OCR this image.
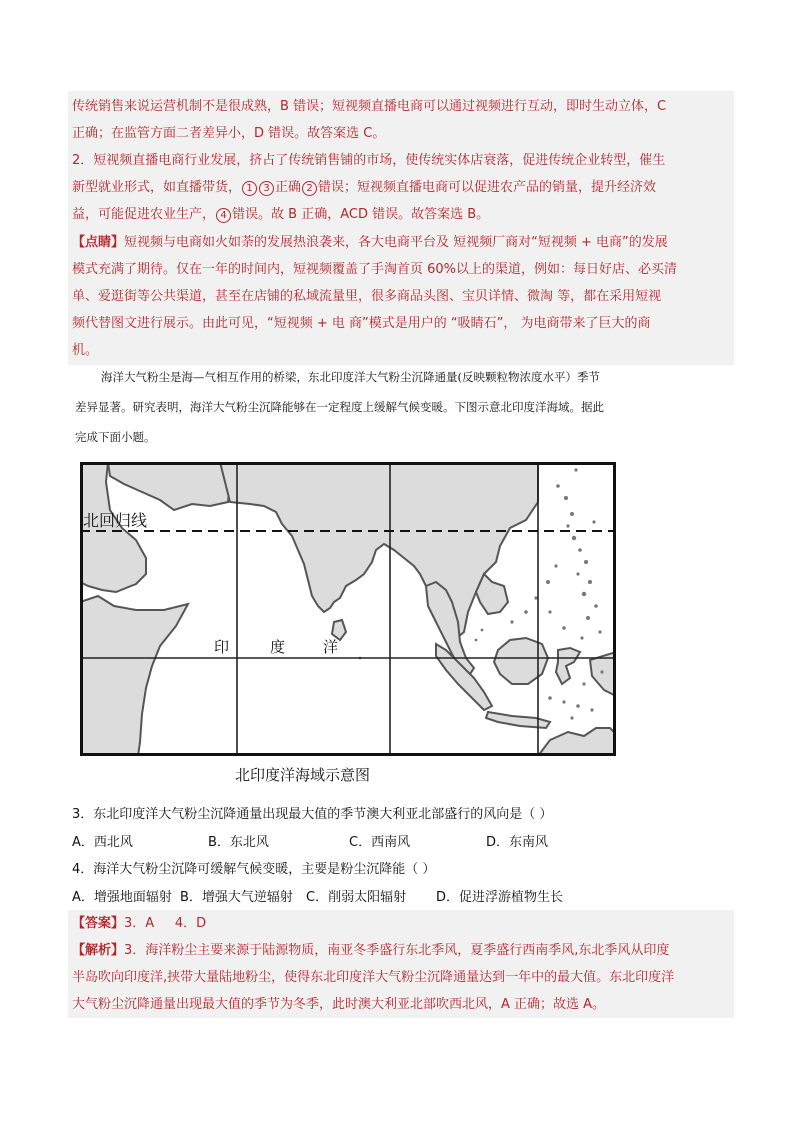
传统销售来说运营机制不是很成熟，B 错误；短视频直播电商可以通过视频进行互动，即时生动立体，C
正确；在监管方面二者差异小，D 错误。故答案选 C。
2．短视频直播电商行业发展，挤占了传统销售铺的市场，使传统实体店衰落，促进传统企业转型，催生
新型就业形式，如直播带货， 1 3 正确 2 错误；短视频直播电商可以促进农产品的销量，提升经济效
益，可能促进农业生产， 4 错误。故 B 正确，ACD 错误。故答案选 B。
【点睛】短视频与电商如火如荼的发展热浪袭来，各大电商平台及 短视频厂商对“短视频 + 电商”的发展
模式充满了期待。仅在一年的时间内，短视频覆盖了手淘首页 60%以上的渠道，例如：每日好店、必买清
单、爱逛街等公共渠道，甚至在店铺的私域流量里，很多商品头图、宝贝详情、微淘 等，都在采用短视
频代替图文进行展示。由此可见，“短视频 + 电 商”模式是用户的 “吸睛石”， 为电商带来了巨大的商
机。
海洋大气粉尘是海—气相互作用的桥梁，东北印度洋大气粉尘沉降通量(反映颗粒物浓度水平）季节
差异显著。研究表明，海洋大气粉尘沉降能够在一定程度上缓解气候变暖。下图示意北印度洋海域。据此
完成下面小题。
北回归线
印	度	洋
北印度洋海域示意图
3．东北印度洋大气粉尘沉降通量出现最大值的季节澳大利亚北部盛行的风向是（ ）
A．西北风	B．东北风	C．西南风	D．东南风
4．海洋大气粉尘沉降可缓解气候变暖，主要是粉尘沉降能（ ）
A．增强地面辐射 B．增强大气逆辐射 C．削弱太阳辐射 D．促进浮游植物生长
【答案】3．A     4．D
【解析】3．海洋粉尘主要来源于陆源物质，南亚冬季盛行东北季风，夏季盛行西南季风,东北季风从印度
半岛吹向印度洋,挟带大量陆地粉尘，使得东北印度洋大气粉尘沉降通量达到一年中的最大值。东北印度洋
大气粉尘沉降通量出现最大值的季节为冬季，此时澳大利亚北部吹西北风，A 正确；故选 A。
